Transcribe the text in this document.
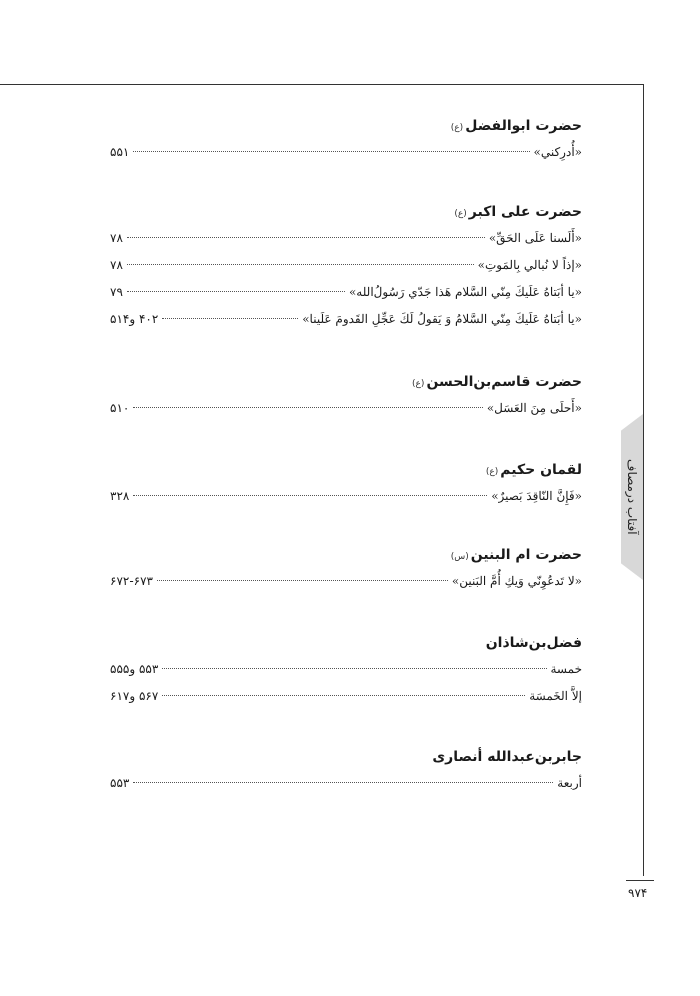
آفتاب درمصاف
حضرت ابوالفضل(ع)
«أُدرِكني»
۵۵۱
حضرت علی اکبر(ع)
«أَلَسنا عَلَى الحَقِّ»
۷۸
«إذاً لا نُبالي بِالمَوتِ»
۷۸
«يا أبَتاهُ عَلَيكَ مِنّي السَّلام هَذا جَدّي رَسُولُ‌الله»
۷۹
«يا أبَتاهُ عَلَيكَ مِنّي السَّلامُ وَ يَقولُ لَكَ عَجِّلِ القَدومَ عَلَينا»
۴۰۲ و۵۱۴
حضرت قاسم‌بن‌الحسن(ع)
«أَحلَى مِنَ العَسَل»
۵۱۰
لقمان حکیم(ع)
«فَإِنَّ النّاقِدَ بَصيرٌ»
۳۲۸
حضرت ام البنین(س)
«لا تَدعُوِنّي وَيكِ أُمَّ البَنين»
۶۷۲-۶۷۳
فضل‌بن‌شاذان
خمسة
۵۵۳ و۵۵۵
إلاَّ الخَمسَة
۵۶۷ و۶۱۷
جابربن‌عبدالله أنصاری
أربعة
۵۵۳
۹۷۴
